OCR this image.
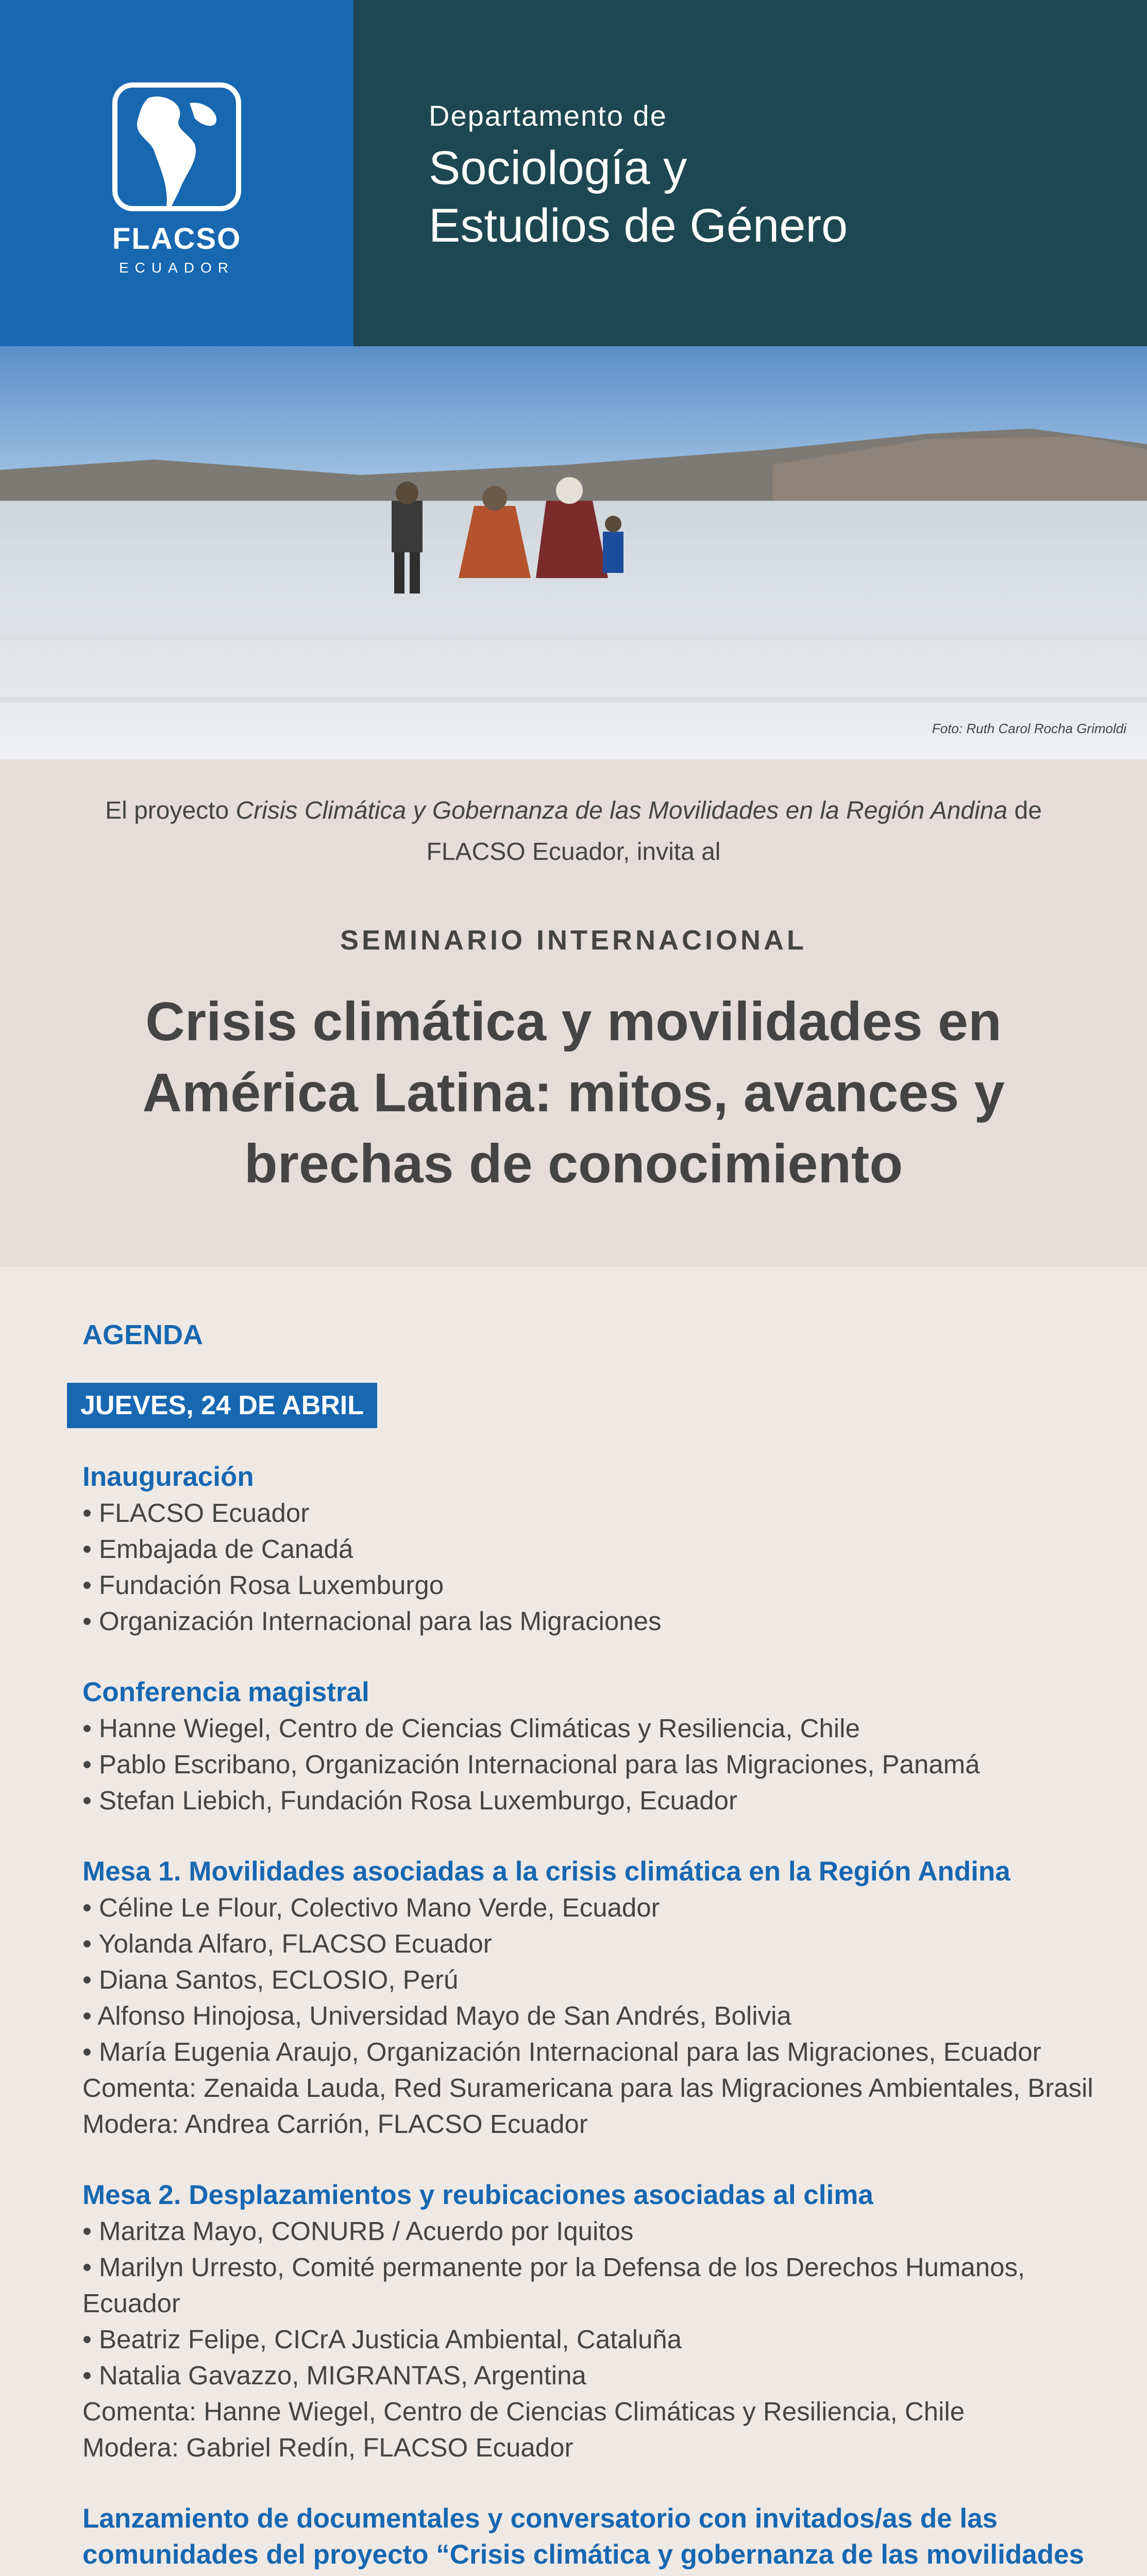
FLACSO
ECUADOR
Departamento de
Sociología y
Estudios de Género
Foto: Ruth Carol Rocha Grimoldi
El proyecto Crisis Climática y Gobernanza de las Movilidades en la Región Andina de FLACSO Ecuador, invita al
SEMINARIO INTERNACIONAL
Crisis climática y movilidades en
América Latina: mitos, avances y
brechas de conocimiento
AGENDA
JUEVES, 24 DE ABRIL
Inauguración
• FLACSO Ecuador
• Embajada de Canadá
• Fundación Rosa Luxemburgo
• Organización Internacional para las Migraciones
Conferencia magistral
• Hanne Wiegel, Centro de Ciencias Climáticas y Resiliencia, Chile
• Pablo Escribano, Organización Internacional para las Migraciones, Panamá
• Stefan Liebich, Fundación Rosa Luxemburgo, Ecuador
Mesa 1. Movilidades asociadas a la crisis climática en la Región Andina
• Céline Le Flour, Colectivo Mano Verde, Ecuador
• Yolanda Alfaro, FLACSO Ecuador
• Diana Santos, ECLOSIO, Perú
• Alfonso Hinojosa, Universidad Mayo de San Andrés, Bolivia
• María Eugenia Araujo, Organización Internacional para las Migraciones, Ecuador
Comenta: Zenaida Lauda, Red Suramericana para las Migraciones Ambientales, Brasil
Modera: Andrea Carrión, FLACSO Ecuador
Mesa 2. Desplazamientos y reubicaciones asociadas al clima
• Maritza Mayo, CONURB / Acuerdo por Iquitos
• Marilyn Urresto, Comité permanente por la Defensa de los Derechos Humanos, Ecuador
• Beatriz Felipe, CICrA Justicia Ambiental, Cataluña
• Natalia Gavazzo, MIGRANTAS, Argentina
Comenta: Hanne Wiegel, Centro de Ciencias Climáticas y Resiliencia, Chile
Modera: Gabriel Redín, FLACSO Ecuador
Lanzamiento de documentales y conversatorio con invitados/as de las comunidades del proyecto “Crisis climática y gobernanza de las movilidades
